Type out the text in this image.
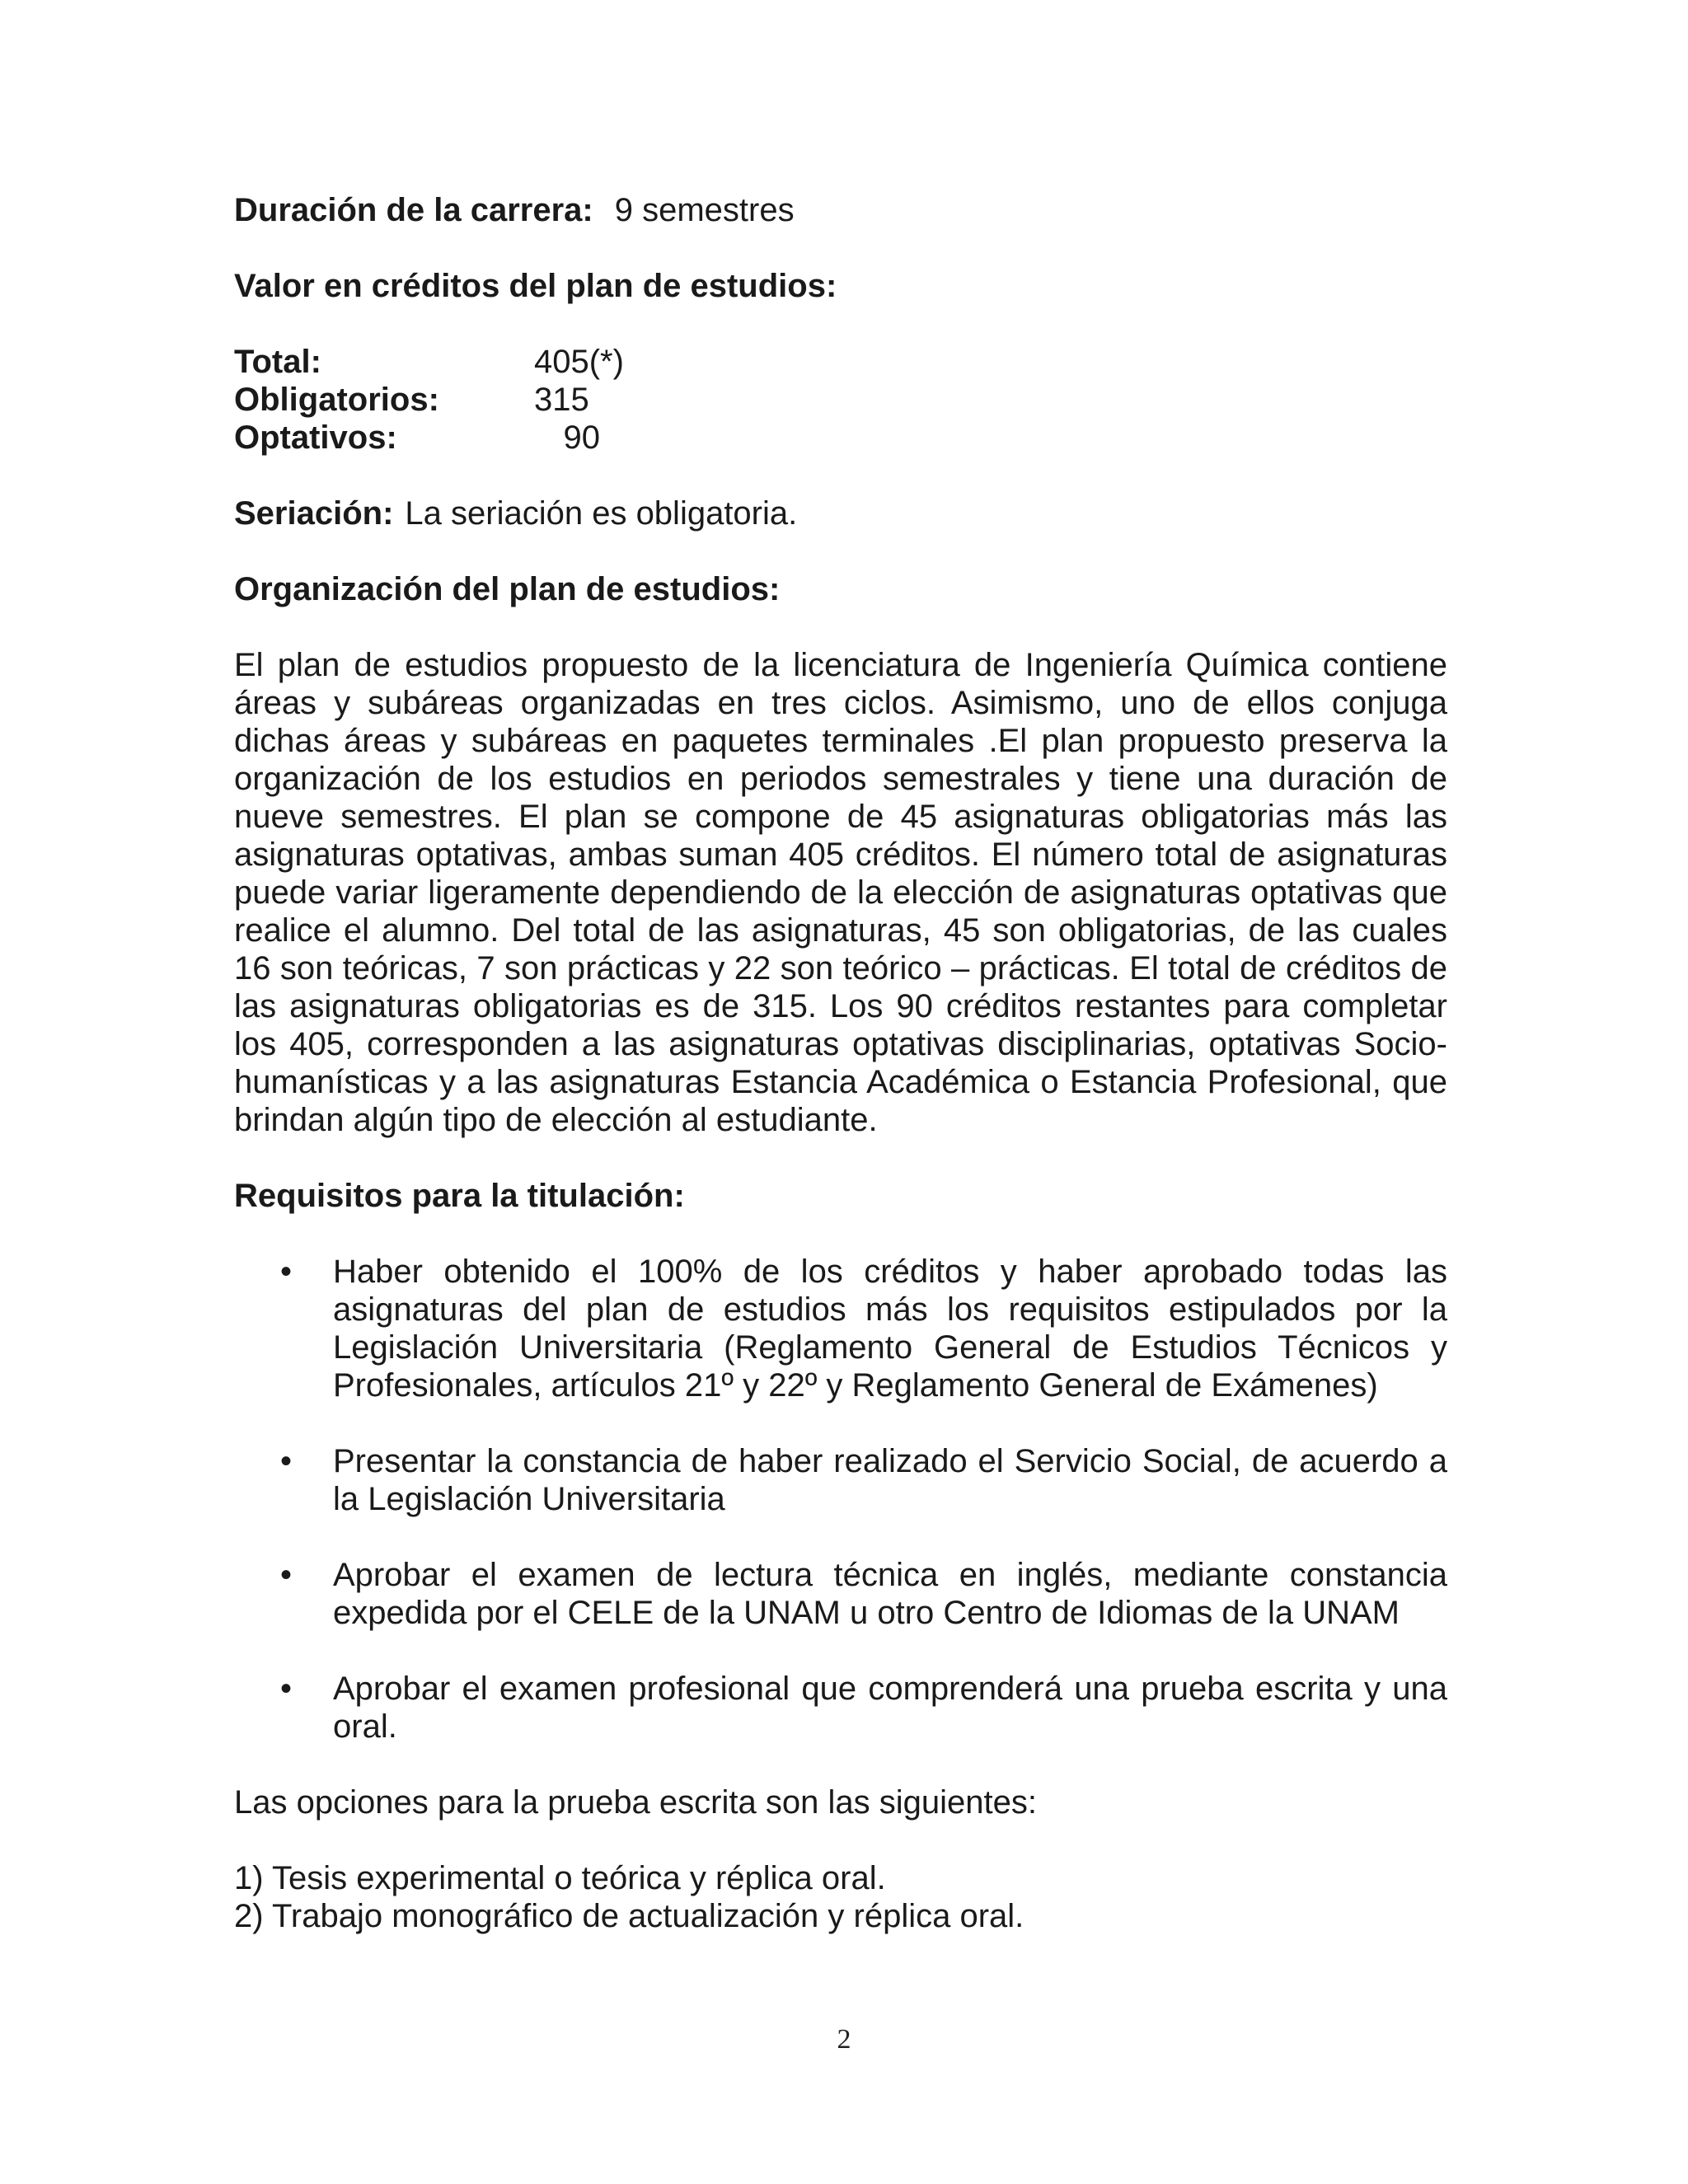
Duración de la carrera: 9 semestres

Valor en créditos del plan de estudios:

Total:	405(*)
Obligatorios:	315
Optativos:	90

Seriación: La seriación es obligatoria.

Organización del plan de estudios:

El plan de estudios propuesto de la licenciatura de Ingeniería Química contiene áreas y subáreas organizadas en tres ciclos. Asimismo, uno de ellos conjuga dichas áreas y subáreas en paquetes terminales .El plan propuesto preserva la organización de los estudios en periodos semestrales y tiene una duración de nueve semestres. El plan se compone de 45 asignaturas obligatorias más las asignaturas optativas, ambas suman 405 créditos. El número total de asignaturas puede variar ligeramente dependiendo de la elección de asignaturas optativas que realice el alumno. Del total de las asignaturas, 45 son obligatorias, de las cuales 16 son teóricas, 7 son prácticas y 22 son teórico – prácticas. El total de créditos de las asignaturas obligatorias es de 315. Los 90 créditos restantes para completar los 405, corresponden a las asignaturas optativas disciplinarias, optativas Socio-humanísticas y a las asignaturas Estancia Académica o Estancia Profesional, que brindan algún tipo de elección al estudiante.

Requisitos para la titulación:

• Haber obtenido el 100% de los créditos y haber aprobado todas las asignaturas del plan de estudios más los requisitos estipulados por la Legislación Universitaria (Reglamento General de Estudios Técnicos y Profesionales, artículos 21º y 22º y Reglamento General de Exámenes)
• Presentar la constancia de haber realizado el Servicio Social, de acuerdo a la Legislación Universitaria
• Aprobar el examen de lectura técnica en inglés, mediante constancia expedida por el CELE de la UNAM u otro Centro de Idiomas de la UNAM
• Aprobar el examen profesional que comprenderá una prueba escrita y una oral.

Las opciones para la prueba escrita son las siguientes:

1) Tesis experimental o teórica y réplica oral.
2) Trabajo monográfico de actualización y réplica oral.
2
